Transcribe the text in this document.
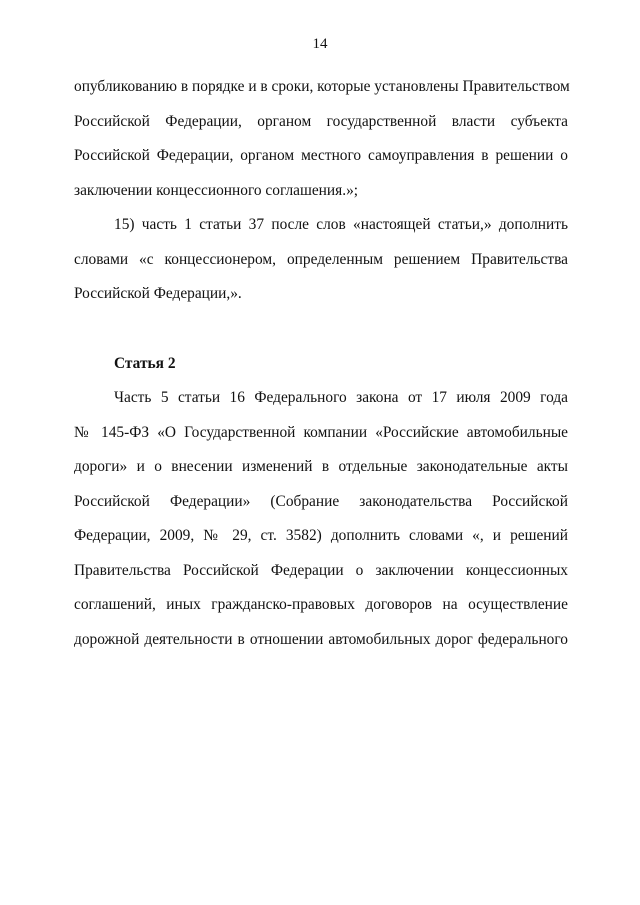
14
опубликованию в порядке и в сроки, которые установлены Правительством
Российской Федерации, органом государственной власти субъекта
Российской Федерации, органом местного самоуправления в решении о
заключении концессионного соглашения.»;
15) часть 1 статьи 37 после слов «настоящей статьи,» дополнить
словами «с концессионером, определенным решением Правительства
Российской Федерации,».
Статья 2
Часть 5 статьи 16 Федерального закона от 17 июля 2009 года
№ 145-ФЗ «О Государственной компании «Российские автомобильные
дороги» и о внесении изменений в отдельные законодательные акты
Российской Федерации» (Собрание законодательства Российской
Федерации, 2009, № 29, ст. 3582) дополнить словами «, и решений
Правительства Российской Федерации о заключении концессионных
соглашений, иных гражданско-правовых договоров на осуществление
дорожной деятельности в отношении автомобильных дорог федерального
